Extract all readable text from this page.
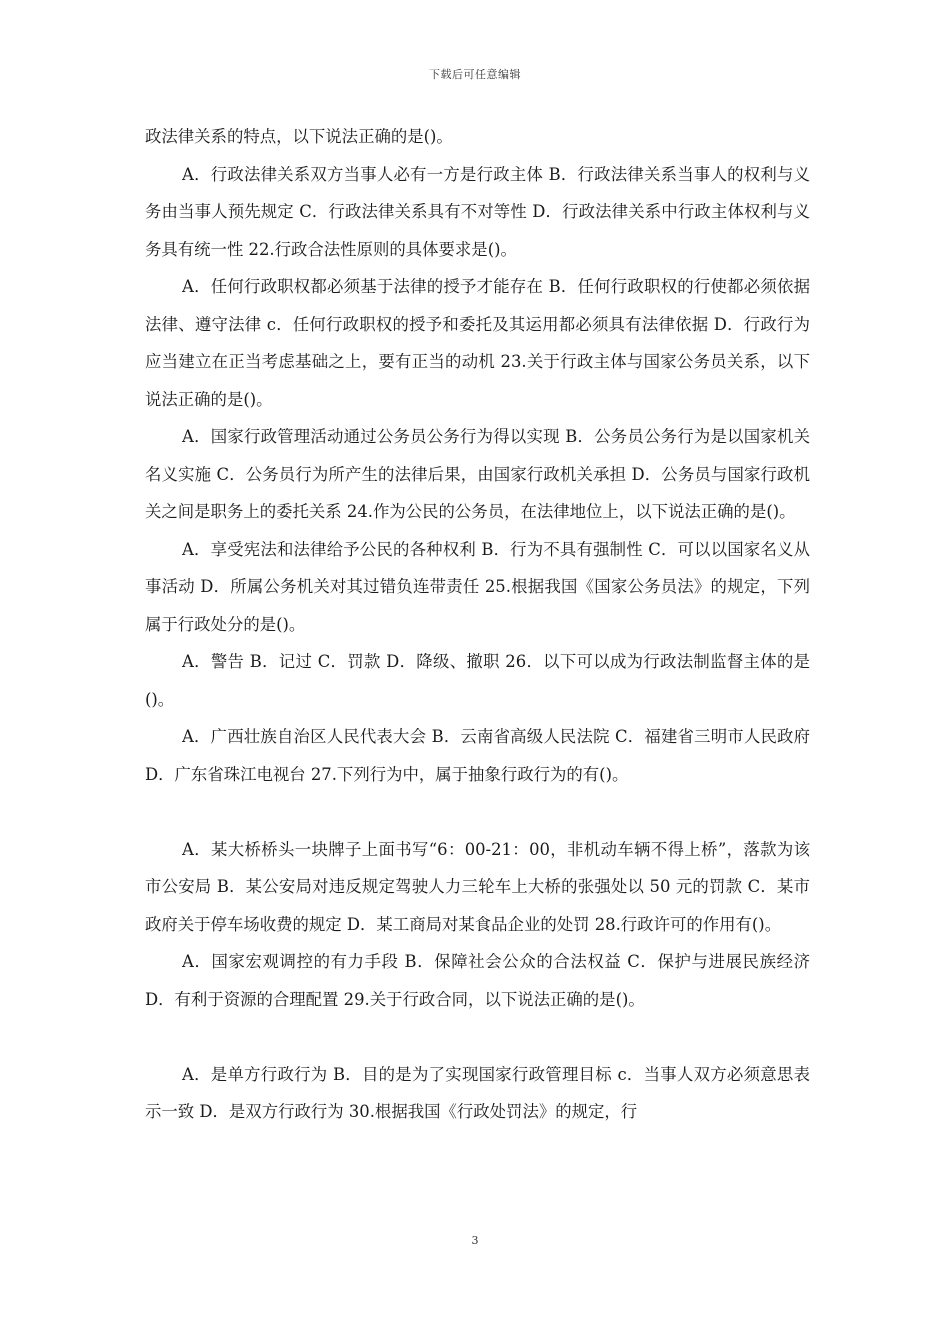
下载后可任意编辑

政法律关系的特点，以下说法正确的是()。

A．行政法律关系双方当事人必有一方是行政主体 B．行政法律关系当事人的权利与义务由当事人预先规定 C．行政法律关系具有不对等性 D．行政法律关系中行政主体权利与义务具有统一性 22.行政合法性原则的具体要求是()。

A．任何行政职权都必须基于法律的授予才能存在 B．任何行政职权的行使都必须依据法律、遵守法律 c．任何行政职权的授予和委托及其运用都必须具有法律依据 D．行政行为应当建立在正当考虑基础之上，要有正当的动机 23.关于行政主体与国家公务员关系，以下说法正确的是()。

A．国家行政管理活动通过公务员公务行为得以实现 B．公务员公务行为是以国家机关名义实施 C．公务员行为所产生的法律后果，由国家行政机关承担 D．公务员与国家行政机关之间是职务上的委托关系 24.作为公民的公务员，在法律地位上，以下说法正确的是()。

A．享受宪法和法律给予公民的各种权利 B．行为不具有强制性 C．可以以国家名义从事活动 D．所属公务机关对其过错负连带责任 25.根据我国《国家公务员法》的规定，下列属于行政处分的是()。

A．警告 B．记过 C．罚款 D．降级、撤职 26．以下可以成为行政法制监督主体的是()。

A．广西壮族自治区人民代表大会 B．云南省高级人民法院 C．福建省三明市人民政府 D．广东省珠江电视台 27.下列行为中，属于抽象行政行为的有()。

A．某大桥桥头一块牌子上面书写“6：00-21：00，非机动车辆不得上桥”，落款为该市公安局 B．某公安局对违反规定驾驶人力三轮车上大桥的张强处以 50 元的罚款 C．某市政府关于停车场收费的规定 D．某工商局对某食品企业的处罚 28.行政许可的作用有()。

A．国家宏观调控的有力手段 B．保障社会公众的合法权益 C．保护与进展民族经济 D．有利于资源的合理配置 29.关于行政合同，以下说法正确的是()。

A．是单方行政行为 B．目的是为了实现国家行政管理目标 c．当事人双方必须意思表示一致 D．是双方行政行为 30.根据我国《行政处罚法》的规定，行

3
